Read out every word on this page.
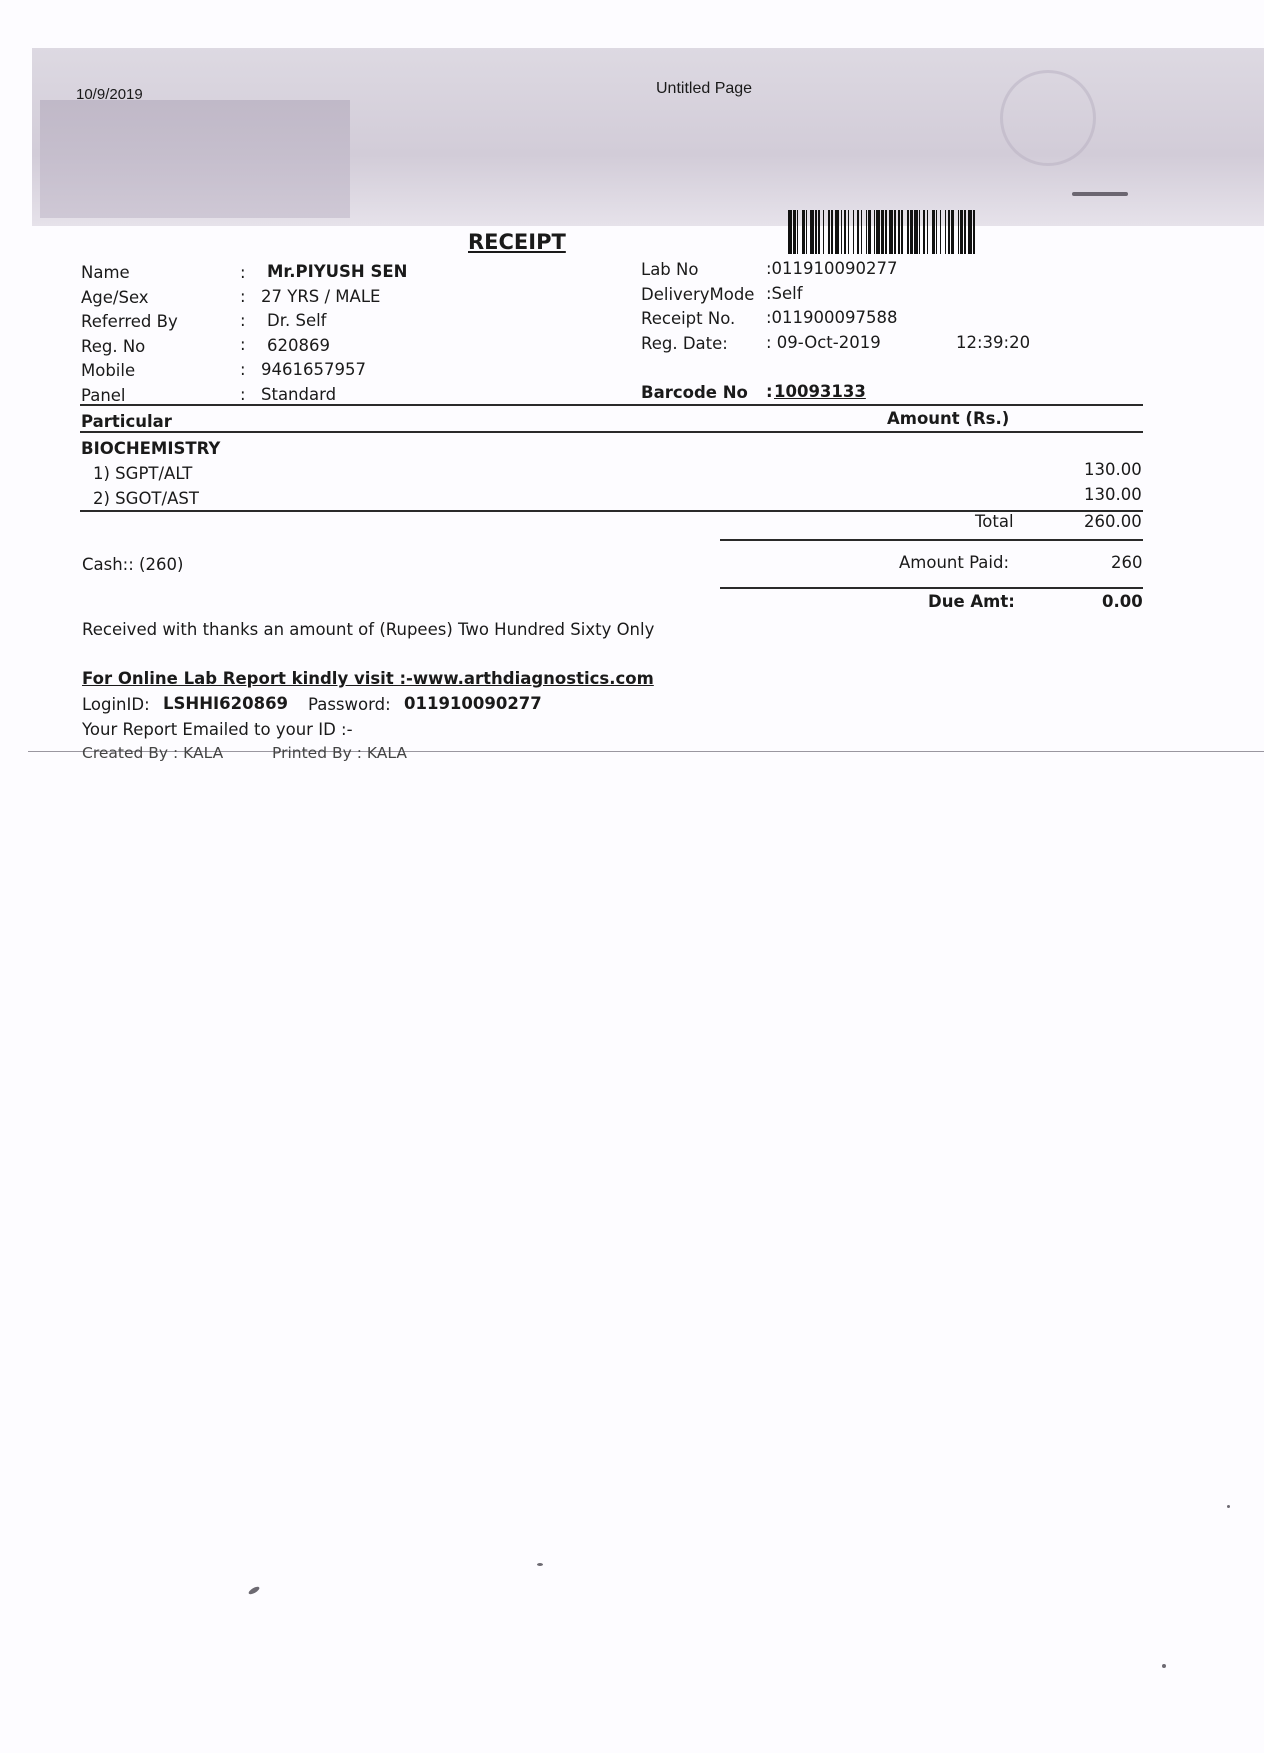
10/9/2019	Untitled Page
RECEIPT
Name	: Mr.PIYUSH SEN
Age/Sex	: 27 YRS / MALE
Referred By	: Dr. Self
Reg. No	: 620869
Mobile	: 9461657957
Panel	: Standard
Lab No	:011910090277
DeliveryMode :Self
Receipt No. :011900097588
Reg. Date: : 09-Oct-2019	12:39:20
Barcode No : 10093133
Particular	Amount (Rs.)
BIOCHEMISTRY
1) SGPT/ALT	130.00
2) SGOT/AST	130.00
Total	260.00
Cash:: (260)	Amount Paid:	260
Due Amt:	0.00
Received with thanks an amount of (Rupees) Two Hundred Sixty Only
For Online Lab Report kindly visit :-www.arthdiagnostics.com
LoginID: LSHHI620869 Password: 011910090277
Your Report Emailed to your ID :-
Created By : KALA	Printed By : KALA
